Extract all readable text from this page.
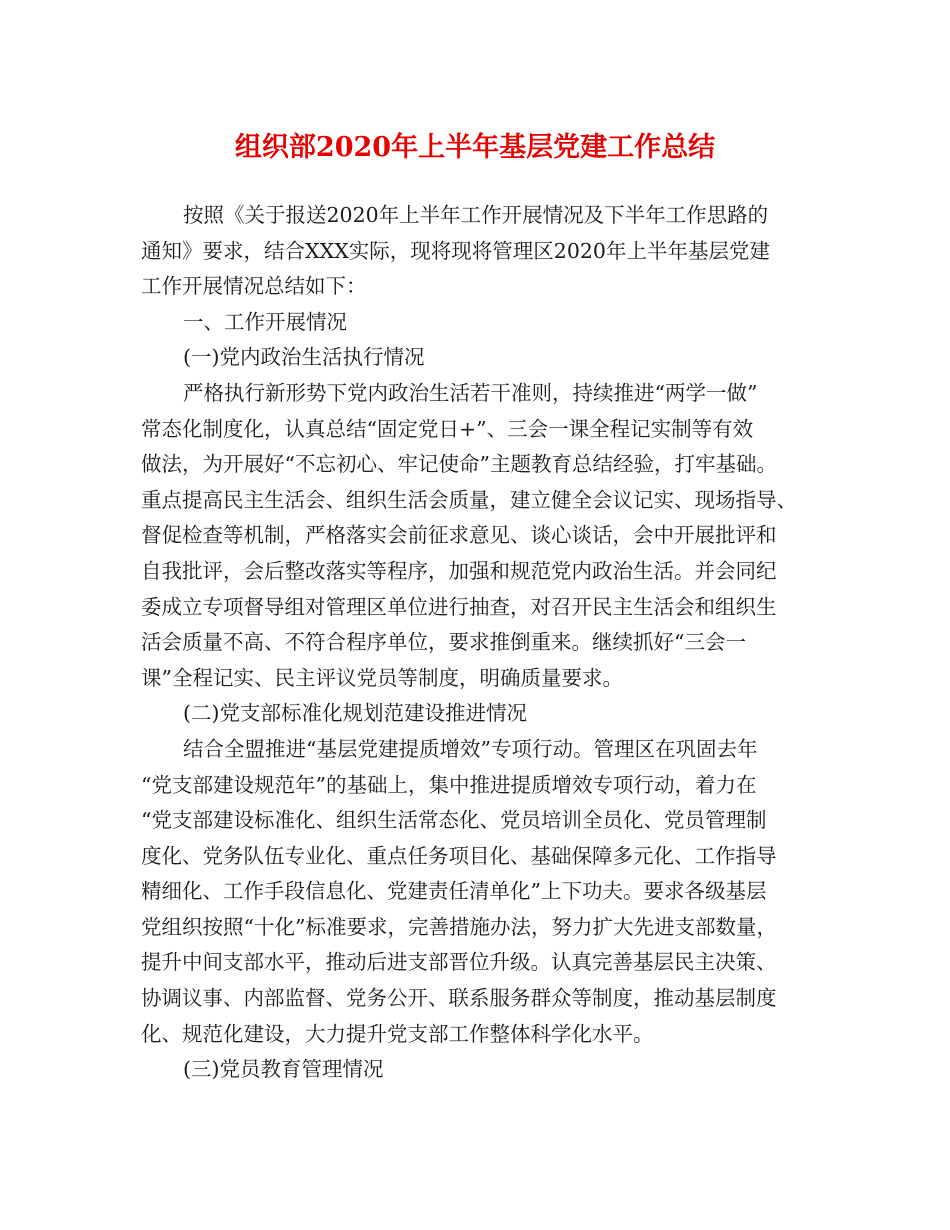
组织部2020年上半年基层党建工作总结
按照《关于报送2020年上半年工作开展情况及下半年工作思路的
通知》要求，结合XXX实际，现将现将管理区2020年上半年基层党建
工作开展情况总结如下：
一、工作开展情况
(一)党内政治生活执行情况
严格执行新形势下党内政治生活若干准则，持续推进“两学一做”
常态化制度化，认真总结“固定党日+”、三会一课全程记实制等有效
做法，为开展好“不忘初心、牢记使命”主题教育总结经验，打牢基础。
重点提高民主生活会、组织生活会质量，建立健全会议记实、现场指导、
督促检查等机制，严格落实会前征求意见、谈心谈话，会中开展批评和
自我批评，会后整改落实等程序，加强和规范党内政治生活。并会同纪
委成立专项督导组对管理区单位进行抽查，对召开民主生活会和组织生
活会质量不高、不符合程序单位，要求推倒重来。继续抓好“三会一
课”全程记实、民主评议党员等制度，明确质量要求。
(二)党支部标准化规划范建设推进情况
结合全盟推进“基层党建提质增效”专项行动。管理区在巩固去年
“党支部建设规范年”的基础上，集中推进提质增效专项行动，着力在
“党支部建设标准化、组织生活常态化、党员培训全员化、党员管理制
度化、党务队伍专业化、重点任务项目化、基础保障多元化、工作指导
精细化、工作手段信息化、党建责任清单化”上下功夫。要求各级基层
党组织按照“十化”标准要求，完善措施办法，努力扩大先进支部数量，
提升中间支部水平，推动后进支部晋位升级。认真完善基层民主决策、
协调议事、内部监督、党务公开、联系服务群众等制度，推动基层制度
化、规范化建设，大力提升党支部工作整体科学化水平。
(三)党员教育管理情况
